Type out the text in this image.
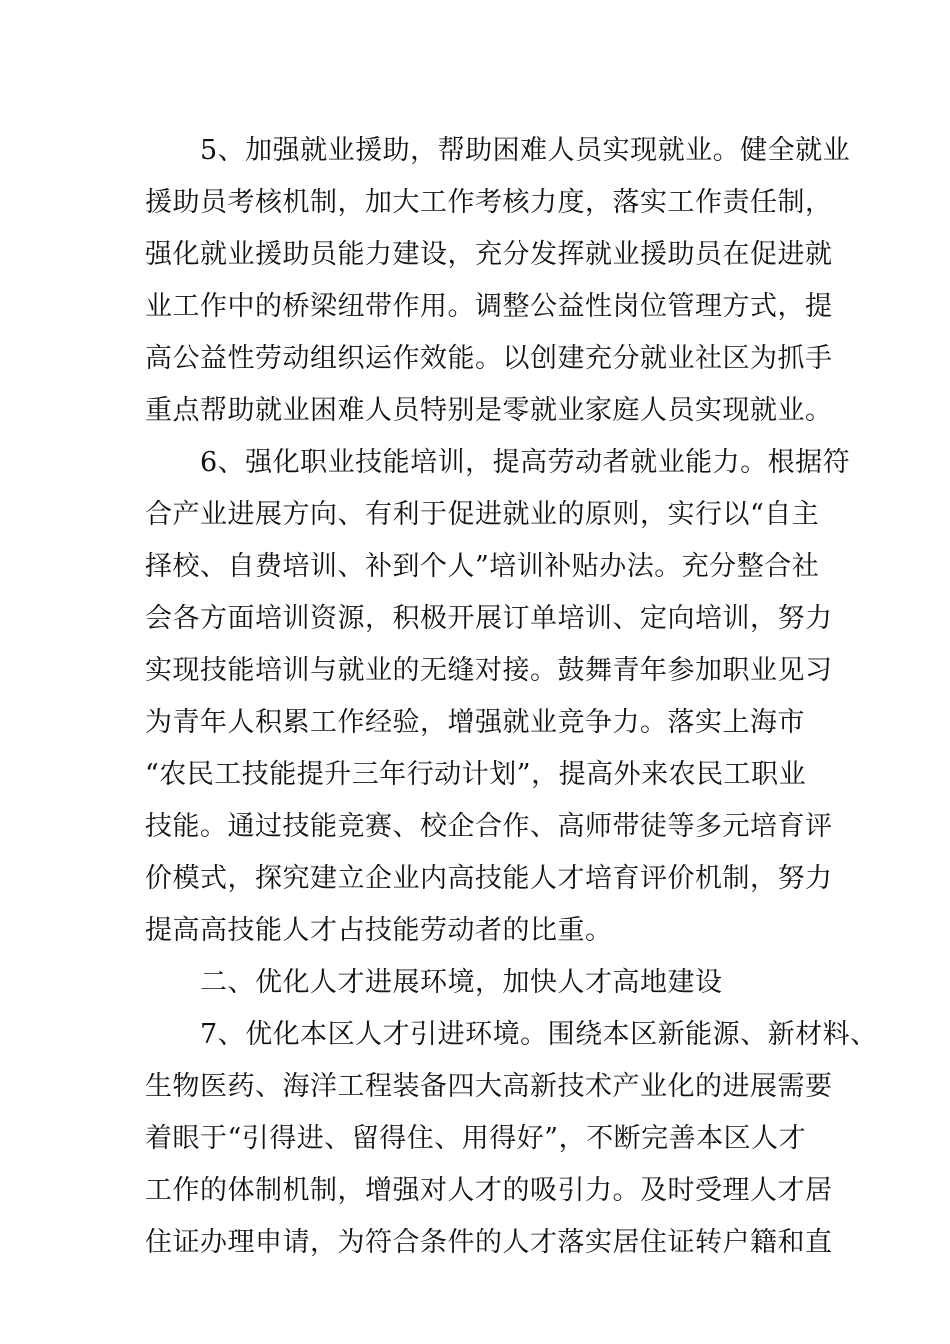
　　5、加强就业援助，帮助困难人员实现就业。健全就业
援助员考核机制，加大工作考核力度，落实工作责任制，
强化就业援助员能力建设，充分发挥就业援助员在促进就
业工作中的桥梁纽带作用。调整公益性岗位管理方式，提
高公益性劳动组织运作效能。以创建充分就业社区为抓手
重点帮助就业困难人员特别是零就业家庭人员实现就业。
　　6、强化职业技能培训，提高劳动者就业能力。根据符
合产业进展方向、有利于促进就业的原则，实行以“自主
择校、自费培训、补到个人”培训补贴办法。充分整合社
会各方面培训资源，积极开展订单培训、定向培训，努力
实现技能培训与就业的无缝对接。鼓舞青年参加职业见习
为青年人积累工作经验，增强就业竞争力。落实上海市
“农民工技能提升三年行动计划”，提高外来农民工职业
技能。通过技能竞赛、校企合作、高师带徒等多元培育评
价模式，探究建立企业内高技能人才培育评价机制，努力
提高高技能人才占技能劳动者的比重。
　　二、优化人才进展环境，加快人才高地建设
　　7、优化本区人才引进环境。围绕本区新能源、新材料、
生物医药、海洋工程装备四大高新技术产业化的进展需要
着眼于“引得进、留得住、用得好”，不断完善本区人才
工作的体制机制，增强对人才的吸引力。及时受理人才居
住证办理申请，为符合条件的人才落实居住证转户籍和直
